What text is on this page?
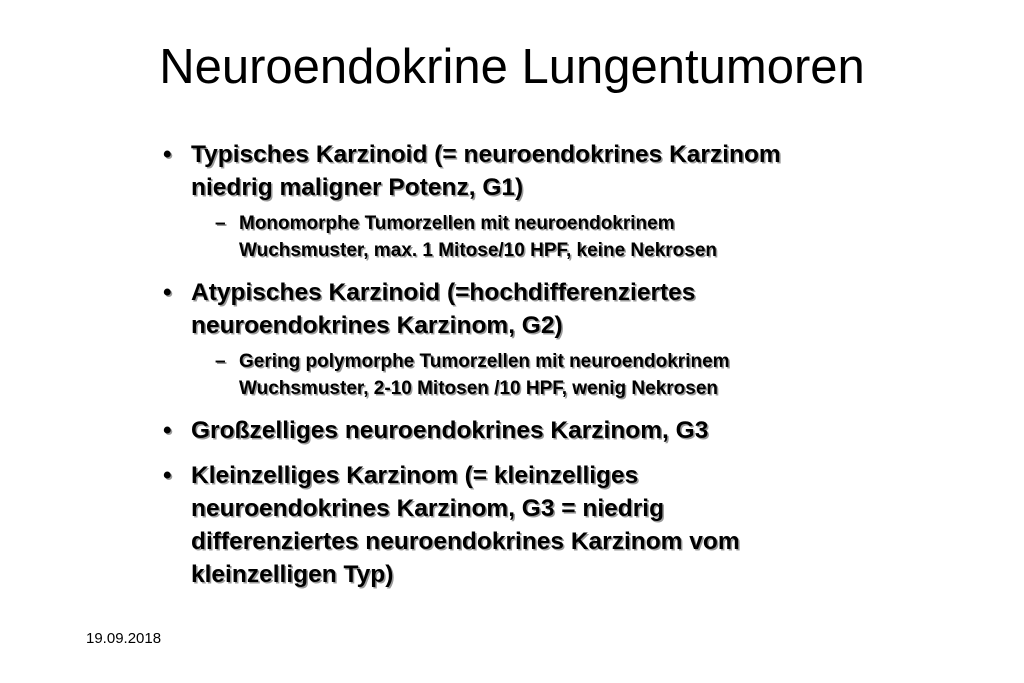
Neuroendokrine Lungentumoren
• Typisches Karzinoid (= neuroendokrines Karzinom
niedrig maligner Potenz, G1)
– Monomorphe Tumorzellen mit neuroendokrinem
Wuchsmuster, max. 1 Mitose/10 HPF, keine Nekrosen
• Atypisches Karzinoid (=hochdifferenziertes
neuroendokrines Karzinom, G2)
– Gering polymorphe Tumorzellen mit neuroendokrinem
Wuchsmuster, 2-10 Mitosen /10 HPF, wenig Nekrosen
• Großzelliges neuroendokrines Karzinom, G3
• Kleinzelliges Karzinom (= kleinzelliges
neuroendokrines Karzinom, G3 = niedrig
differenziertes neuroendokrines Karzinom vom
kleinzelligen Typ)
19.09.2018
